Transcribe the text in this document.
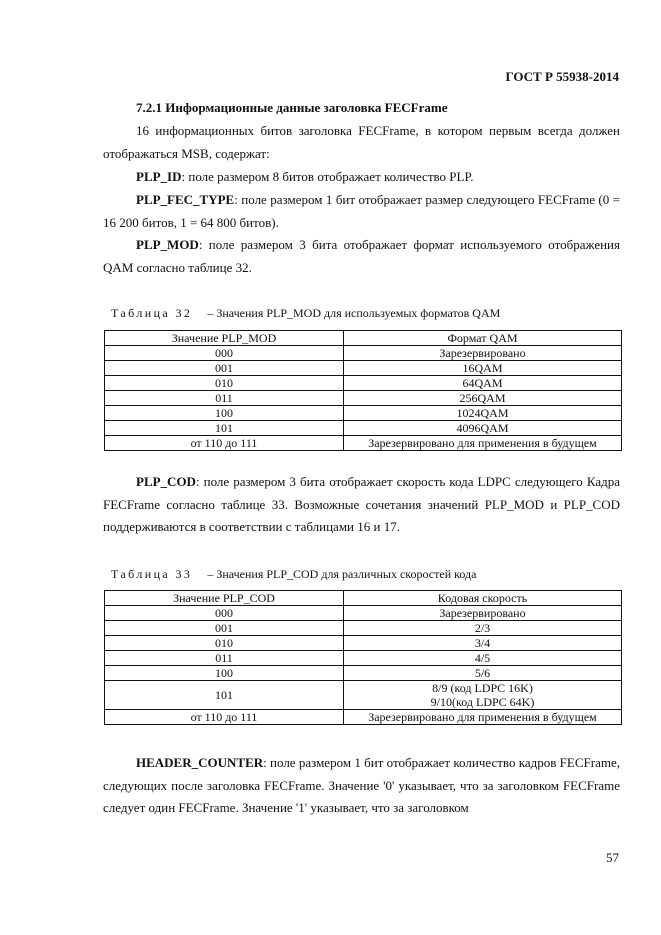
ГОСТ Р 55938-2014
7.2.1 Информационные данные заголовка FECFrame
16 информационных битов заголовка FECFrame, в котором первым всегда должен отображаться MSB, содержат:
PLP_ID: поле размером 8 битов отображает количество PLP.
PLP_FEC_TYPE: поле размером 1 бит отображает размер следующего FECFrame (0 = 16 200 битов, 1 = 64 800 битов).
PLP_MOD: поле размером 3 бита отображает формат используемого отображения QAM согласно таблице 32.
Таблица 32 – Значения PLP_MOD для используемых форматов QAM
Значение PLP_MOD	Формат QAM
000	Зарезервировано
001	16QAM
010	64QAM
011	256QAM
100	1024QAM
101	4096QAM
от 110 до 111	Зарезервировано для применения в будущем
PLP_COD: поле размером 3 бита отображает скорость кода LDPC следующего Кадра FECFrame согласно таблице 33. Возможные сочетания значений PLP_MOD и PLP_COD поддерживаются в соответствии с таблицами 16 и 17.
Таблица 33 – Значения PLP_COD для различных скоростей кода
Значение PLP_COD	Кодовая скорость
000	Зарезервировано
001	2/3
010	3/4
011	4/5
100	5/6
101	8/9 (код LDPC 16K)
9/10(код LDPC 64K)

от 110 до 111	Зарезервировано для применения в будущем
HEADER_COUNTER: поле размером 1 бит отображает количество кадров FECFrame, следующих после заголовка FECFrame. Значение '0' указывает, что за заголовком FECFrame следует один FECFrame. Значение '1' указывает, что за заголовком
57
